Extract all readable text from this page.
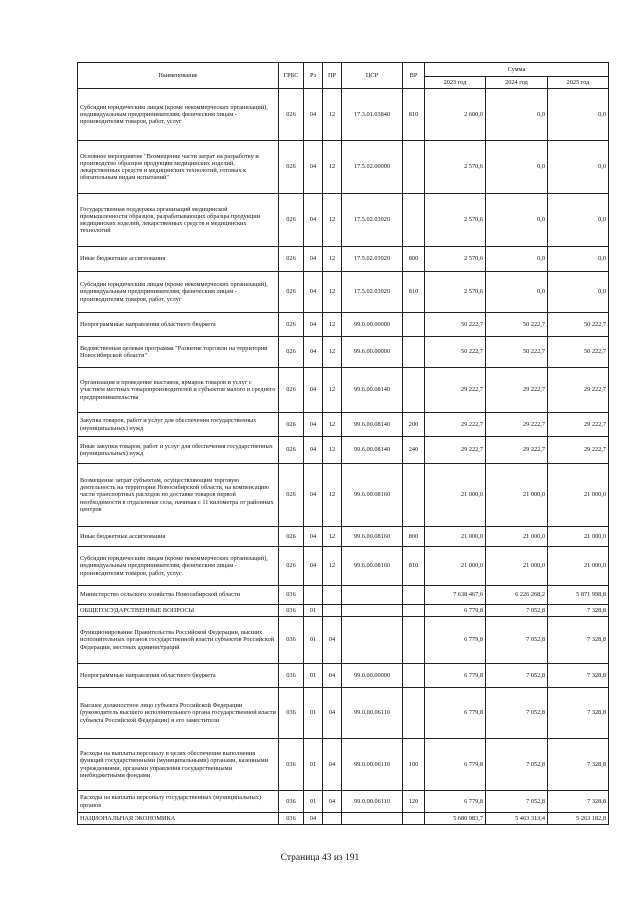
Наименование	ГРБС	Рз	ПР	ЦСР	ВР	Сумма		
						2023 год	2024 год	2025 год
Субсидии юридическим лицам (кроме некоммерческих организаций), индивидуальным предпринимателям, физическим лицам - производителям товаров, работ, услуг	026	04	12	17.3.01.03840	810	2 600,0	0,0	0,0
Основное мероприятие "Возмещение части затрат на разработку и производство образцов продукции медицинских изделий, лекарственных средств и медицинских технологий, готовых к обязательным видам испытаний"	026	04	12	17.5.02.00000		2 570,6	0,0	0,0
Государственная поддержка организаций медицинской промышленности образцов, разрабатывающих образцы продукции медицинских изделий, лекарственных средств и медицинских технологий	026	04	12	17.5.02.03920		2 570,6	0,0	0,0
Иные бюджетные ассигнования	026	04	12	17.5.02.03920	800	2 570,6	0,0	0,0
Субсидии юридическим лицам (кроме некоммерческих организаций), индивидуальным предпринимателям, физическим лицам - производителям товаров, работ, услуг	026	04	12	17.5.02.03920	810	2 570,6	0,0	0,0
Непрограммные направления областного бюджета	026	04	12	99.0.00.00000		50 222,7	50 222,7	50 222,7
Ведомственная целевая программа "Развитие торговли на территории Новосибирской области"	026	04	12	99.6.00.00000		50 222,7	50 222,7	50 222,7
Организация и проведение выставок, ярмарок товаров и услуг с участием местных товаропроизводителей и субъектов малого и среднего предпринимательства	026	04	12	99.6.00.08140		29 222,7	29 222,7	29 222,7
Закупка товаров, работ и услуг для обеспечения государственных (муниципальных) нужд	026	04	12	99.6.00.08140	200	29 222,7	29 222,7	29 222,7
Иные закупки товаров, работ и услуг для обеспечения государственных (муниципальных) нужд	026	04	12	99.6.00.08140	240	29 222,7	29 222,7	29 222,7
Возмещение затрат субъектам, осуществляющим торговую деятельность на территории Новосибирской области, на компенсацию части транспортных расходов по доставке товаров первой необходимости в отдаленные села, начиная с 11 километра от районных центров	026	04	12	99.6.00.08160		21 000,0	21 000,0	21 000,0
Иные бюджетные ассигнования	026	04	12	99.6.00.08160	800	21 000,0	21 000,0	21 000,0
Субсидии юридическим лицам (кроме некоммерческих организаций), индивидуальным предпринимателям, физическим лицам - производителям товаров, работ, услуг	026	04	12	99.6.00.08160	810	21 000,0	21 000,0	21 000,0
Министерство сельского хозяйства Новосибирской области	036					7 638 467,6	6 226 268,2	5 871 998,8
ОБЩЕГОСУДАРСТВЕННЫЕ ВОПРОСЫ	036	01				6 779,8	7 052,8	7 328,8
Функционирование Правительства Российской Федерации, высших исполнительных органов государственной власти субъектов Российской Федерации, местных администраций	036	01	04			6 779,8	7 052,8	7 328,8
Непрограммные направления областного бюджета	036	01	04	99.0.00.00000		6 779,8	7 052,8	7 328,8
Высшее должностное лицо субъекта Российской Федерации (руководитель высшего исполнительного органа государственной власти субъекта Российской Федерации) и его заместители	036	01	04	99.0.00.06110		6 779,8	7 052,8	7 328,8
Расходы на выплаты персоналу в целях обеспечения выполнения функций государственными (муниципальными) органами, казенными учреждениями, органами управления государственными внебюджетными фондами	036	01	04	99.0.00.06110	100	6 779,8	7 052,8	7 328,8
Расходы на выплаты персоналу государственных (муниципальных) органов	036	01	04	99.0.00.06110	120	6 779,8	7 052,8	7 328,8
НАЦИОНАЛЬНАЯ ЭКОНОМИКА	036	04				5 680 983,7	5 463 313,4	5 263 182,8
Страница 43 из 191
